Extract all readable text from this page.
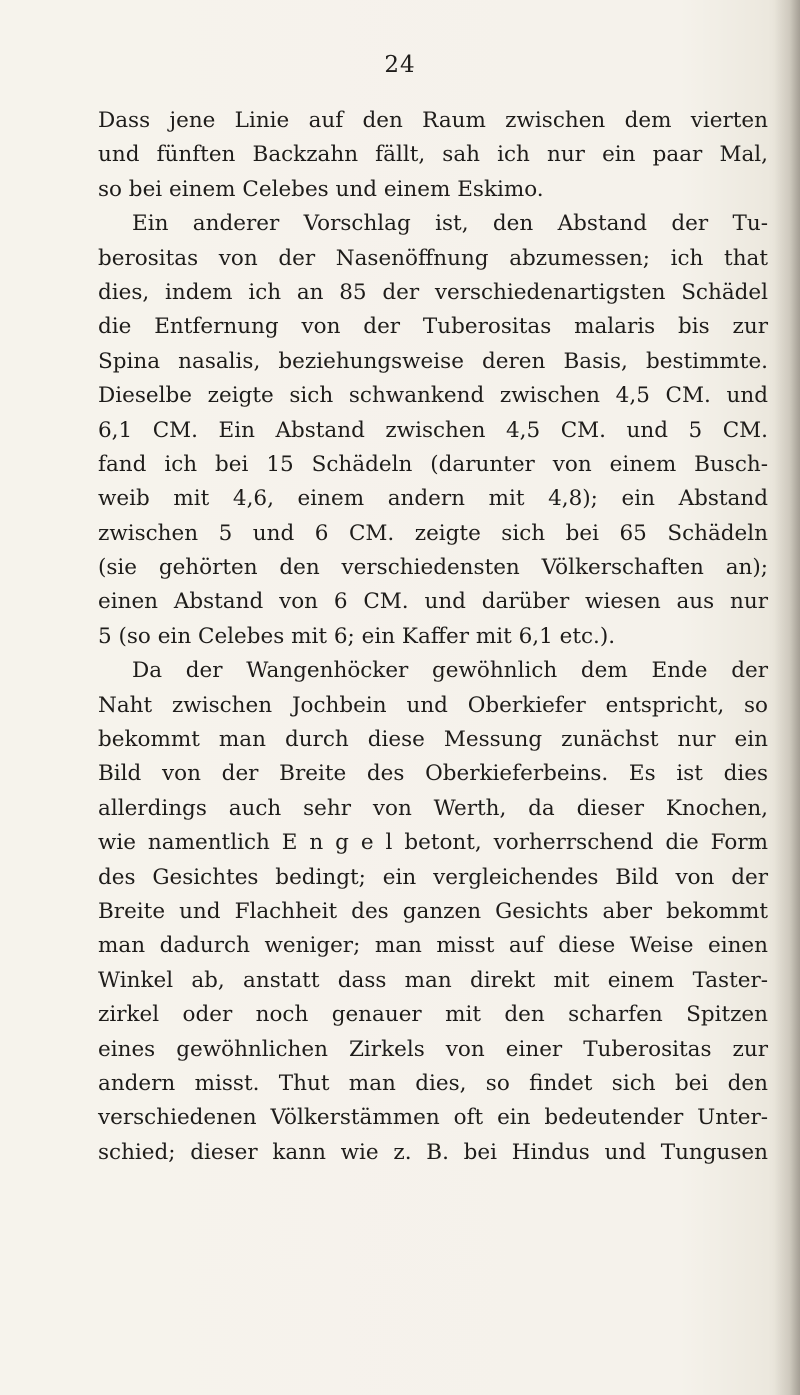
24
Dass jene Linie auf den Raum zwischen dem vierten
und fünften Backzahn fällt, sah ich nur ein paar Mal,
so bei einem Celebes und einem Eskimo.
Ein anderer Vorschlag ist, den Abstand der Tu-
berositas von der Nasenöffnung abzumessen; ich that
dies, indem ich an 85 der verschiedenartigsten Schädel
die Entfernung von der Tuberositas malaris bis zur
Spina nasalis, beziehungsweise deren Basis, bestimmte.
Dieselbe zeigte sich schwankend zwischen 4,5 CM. und
6,1 CM. Ein Abstand zwischen 4,5 CM. und 5 CM.
fand ich bei 15 Schädeln (darunter von einem Busch-
weib mit 4,6, einem andern mit 4,8); ein Abstand
zwischen 5 und 6 CM. zeigte sich bei 65 Schädeln
(sie gehörten den verschiedensten Völkerschaften an);
einen Abstand von 6 CM. und darüber wiesen aus nur
5 (so ein Celebes mit 6; ein Kaffer mit 6,1 etc.).
Da der Wangenhöcker gewöhnlich dem Ende der
Naht zwischen Jochbein und Oberkiefer entspricht, so
bekommt man durch diese Messung zunächst nur ein
Bild von der Breite des Oberkieferbeins. Es ist dies
allerdings auch sehr von Werth, da dieser Knochen,
wie namentlich E n g e l betont, vorherrschend die Form
des Gesichtes bedingt; ein vergleichendes Bild von der
Breite und Flachheit des ganzen Gesichts aber bekommt
man dadurch weniger; man misst auf diese Weise einen
Winkel ab, anstatt dass man direkt mit einem Taster-
zirkel oder noch genauer mit den scharfen Spitzen
eines gewöhnlichen Zirkels von einer Tuberositas zur
andern misst. Thut man dies, so findet sich bei den
verschiedenen Völkerstämmen oft ein bedeutender Unter-
schied; dieser kann wie z. B. bei Hindus und Tungusen
